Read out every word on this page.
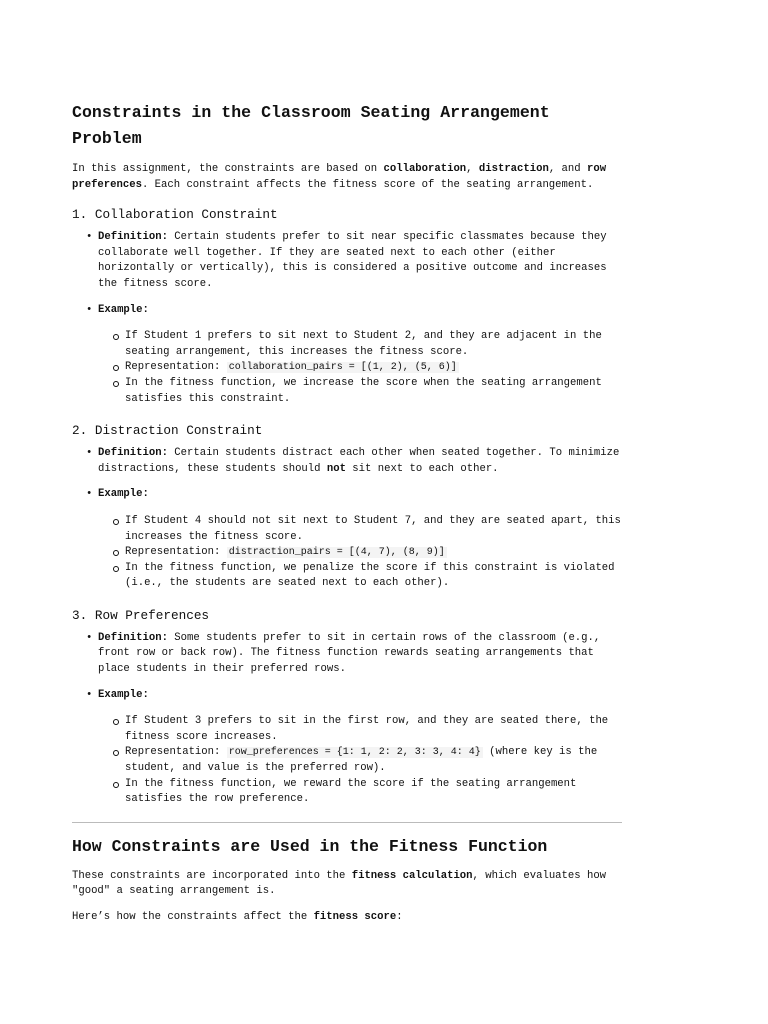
Constraints in the Classroom Seating Arrangement Problem

In this assignment, the constraints are based on collaboration, distraction, and row preferences. Each constraint affects the fitness score of the seating arrangement.

1. Collaboration Constraint
• Definition: Certain students prefer to sit near specific classmates because they collaborate well together. If they are seated next to each other (either horizontally or vertically), this is considered a positive outcome and increases the fitness score.
• Example:
If Student 1 prefers to sit next to Student 2, and they are adjacent in the seating arrangement, this increases the fitness score.
Representation: collaboration_pairs = [(1, 2), (5, 6)]
In the fitness function, we increase the score when the seating arrangement satisfies this constraint.
2. Distraction Constraint
• Definition: Certain students distract each other when seated together. To minimize distractions, these students should not sit next to each other.
• Example:
If Student 4 should not sit next to Student 7, and they are seated apart, this increases the fitness score.
Representation: distraction_pairs = [(4, 7), (8, 9)]
In the fitness function, we penalize the score if this constraint is violated (i.e., the students are seated next to each other).
3. Row Preferences
• Definition: Some students prefer to sit in certain rows of the classroom (e.g., front row or back row). The fitness function rewards seating arrangements that place students in their preferred rows.
• Example:
If Student 3 prefers to sit in the first row, and they are seated there, the fitness score increases.
Representation: row_preferences = {1: 1, 2: 2, 3: 3, 4: 4} (where key is the student, and value is the preferred row).
In the fitness function, we reward the score if the seating arrangement satisfies the row preference.
How Constraints are Used in the Fitness Function

These constraints are incorporated into the fitness calculation, which evaluates how "good" a seating arrangement is.

Here’s how the constraints affect the fitness score:
